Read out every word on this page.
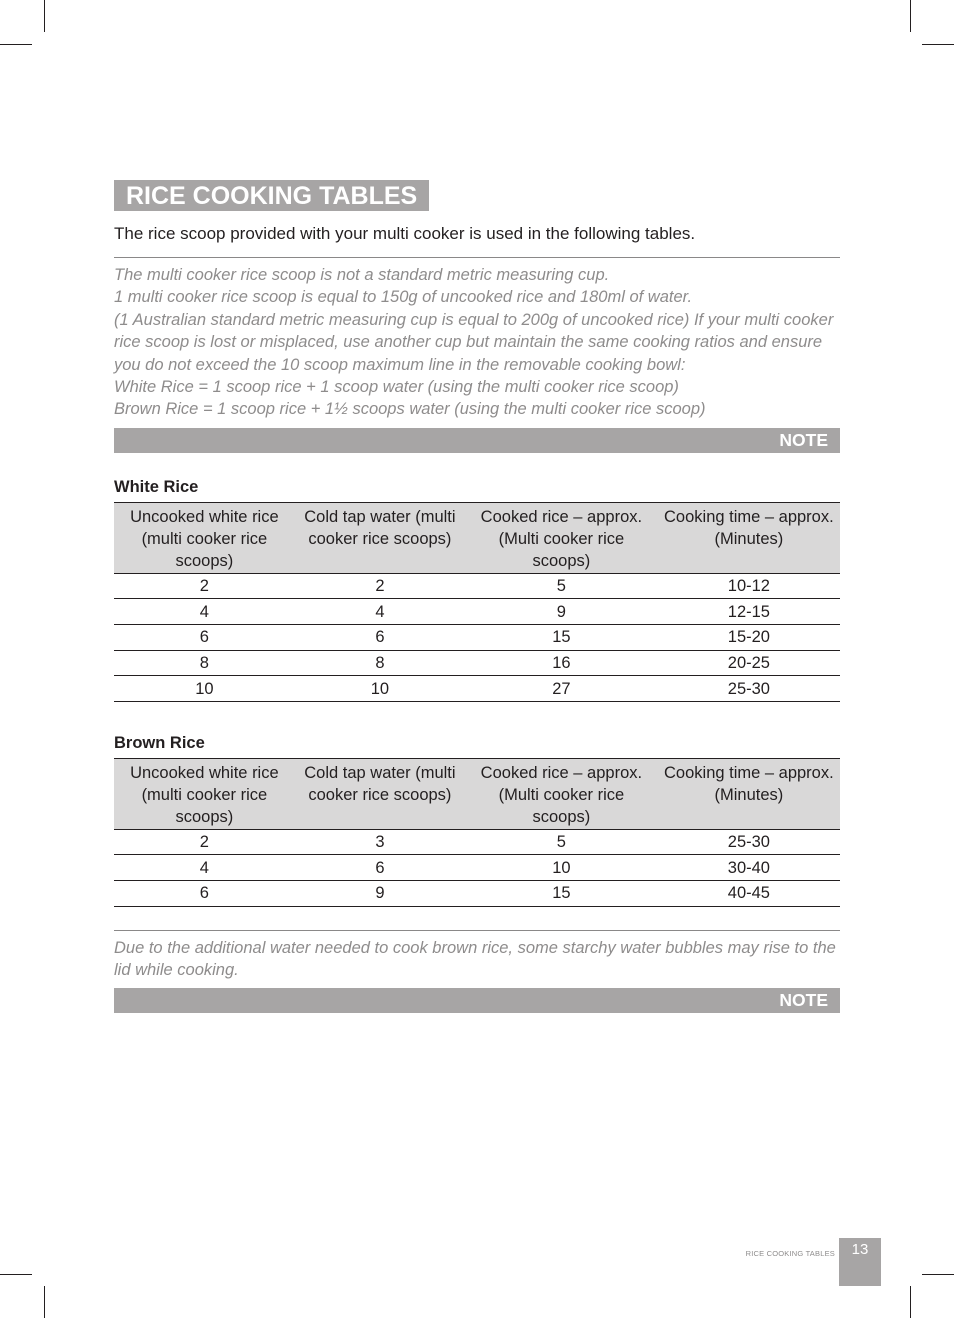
RICE COOKING TABLES
The rice scoop provided with your multi cooker is used in the following tables.
The multi cooker rice scoop is not a standard metric measuring cup.
1 multi cooker rice scoop is equal to 150g of uncooked rice and 180ml of water.
(1 Australian standard metric measuring cup is equal to 200g of uncooked rice) If your multi cooker rice scoop is lost or misplaced, use another cup but maintain the same cooking ratios and ensure you do not exceed the 10 scoop maximum line in the removable cooking bowl:
White Rice = 1 scoop rice + 1 scoop water (using the multi cooker rice scoop)
Brown Rice = 1 scoop rice + 1½ scoops water (using the multi cooker rice scoop)
NOTE
White Rice
Uncooked white rice (multi cooker rice scoops)	Cold tap water (multi cooker rice scoops)	Cooked rice – approx. (Multi cooker rice scoops)	Cooking time – approx. (Minutes)
2	2	5	10-12
4	4	9	12-15
6	6	15	15-20
8	8	16	20-25
10	10	27	25-30
Brown Rice
Uncooked white rice (multi cooker rice scoops)	Cold tap water (multi cooker rice scoops)	Cooked rice – approx. (Multi cooker rice scoops)	Cooking time – approx. (Minutes)
2	3	5	25-30
4	6	10	30-40
6	9	15	40-45
Due to the additional water needed to cook brown rice, some starchy water bubbles may rise to the lid while cooking.
NOTE
RICE COOKING TABLES	13
